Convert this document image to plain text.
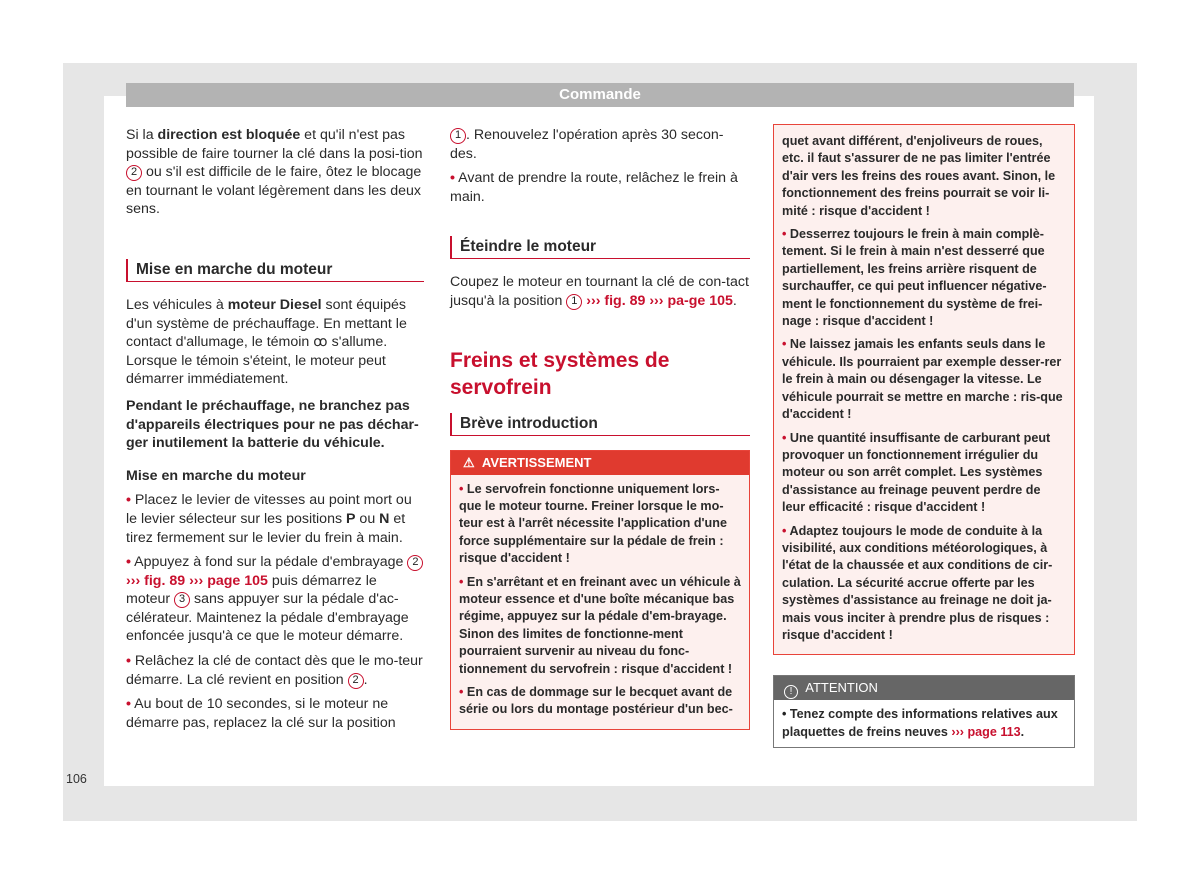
Commande

Si la direction est bloquée et qu'il n'est pas possible de faire tourner la clé dans la posi-tion 2 ou s'il est difficile de le faire, ôtez le blocage en tournant le volant légèrement dans les deux sens.

Mise en marche du moteur

Les véhicules à moteur Diesel sont équipés d'un système de préchauffage. En mettant le contact d'allumage, le témoin ꝏ s'allume. Lorsque le témoin s'éteint, le moteur peut démarrer immédiatement.

Pendant le préchauffage, ne branchez pas d'appareils électriques pour ne pas déchar-ger inutilement la batterie du véhicule.

Mise en marche du moteur

• Placez le levier de vitesses au point mort ou le levier sélecteur sur les positions P ou N et tirez fermement sur le levier du frein à main.

• Appuyez à fond sur la pédale d'embrayage 2 ››› fig. 89 ››› page 105 puis démarrez le moteur 3 sans appuyer sur la pédale d'ac-célérateur. Maintenez la pédale d'embrayage enfoncée jusqu'à ce que le moteur démarre.

• Relâchez la clé de contact dès que le mo-teur démarre. La clé revient en position 2 .

• Au bout de 10 secondes, si le moteur ne démarre pas, replacez la clé sur la position

1 . Renouvelez l'opération après 30 secon-des.

• Avant de prendre la route, relâchez le frein à main.

Éteindre le moteur

Coupez le moteur en tournant la clé de con-tact jusqu'à la position 1 ››› fig. 89 ››› pa-ge 105.

Freins et systèmes de servofrein
Brève introduction
⚠ AVERTISSEMENT

• Le servofrein fonctionne uniquement lors-que le moteur tourne. Freiner lorsque le mo-teur est à l'arrêt nécessite l'application d'une force supplémentaire sur la pédale de frein : risque d'accident !

• En s'arrêtant et en freinant avec un véhicule à moteur essence et d'une boîte mécanique bas régime, appuyez sur la pédale d'em-brayage. Sinon des limites de fonctionne-ment pourraient survenir au niveau du fonc-tionnement du servofrein : risque d'accident !

• En cas de dommage sur le becquet avant de série ou lors du montage postérieur d'un bec-

quet avant différent, d'enjoliveurs de roues, etc. il faut s'assurer de ne pas limiter l'entrée d'air vers les freins des roues avant. Sinon, le fonctionnement des freins pourrait se voir li-mité : risque d'accident !

• Desserrez toujours le frein à main complè-tement. Si le frein à main n'est desserré que partiellement, les freins arrière risquent de surchauffer, ce qui peut influencer négative-ment le fonctionnement du système de frei-nage : risque d'accident !

• Ne laissez jamais les enfants seuls dans le véhicule. Ils pourraient par exemple desser-rer le frein à main ou désengager la vitesse. Le véhicule pourrait se mettre en marche : ris-que d'accident !

• Une quantité insuffisante de carburant peut provoquer un fonctionnement irrégulier du moteur ou son arrêt complet. Les systèmes d'assistance au freinage peuvent perdre de leur efficacité : risque d'accident !

• Adaptez toujours le mode de conduite à la visibilité, aux conditions météorologiques, à l'état de la chaussée et aux conditions de cir-culation. La sécurité accrue offerte par les systèmes d'assistance au freinage ne doit ja-mais vous inciter à prendre plus de risques : risque d'accident !

! ATTENTION
• Tenez compte des informations relatives aux plaquettes de freins neuves ››› page 113.
106
